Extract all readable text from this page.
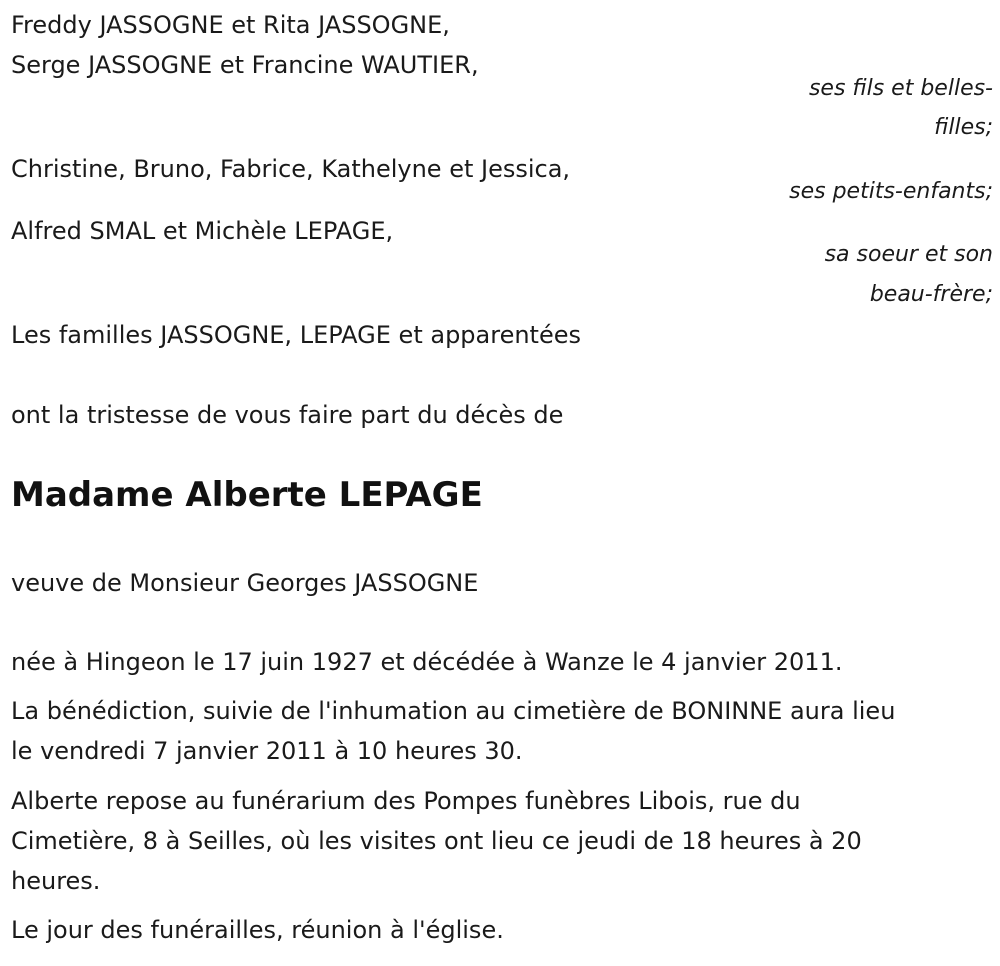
Freddy JASSOGNE et Rita JASSOGNE,
Serge JASSOGNE et Francine WAUTIER,
ses fils et belles-
filles;
Christine, Bruno, Fabrice, Kathelyne et Jessica,
ses petits-enfants;
Alfred SMAL et Michèle LEPAGE,
sa soeur et son
beau-frère;
Les familles JASSOGNE, LEPAGE et apparentées
ont la tristesse de vous faire part du décès de
Madame Alberte LEPAGE
veuve de Monsieur Georges JASSOGNE
née à Hingeon le 17 juin 1927 et décédée à Wanze le 4 janvier 2011.
La bénédiction, suivie de l'inhumation au cimetière de BONINNE aura lieu
le vendredi 7 janvier 2011 à 10 heures 30.
Alberte repose au funérarium des Pompes funèbres Libois, rue du
Cimetière, 8 à Seilles, où les visites ont lieu ce jeudi de 18 heures à 20
heures.
Le jour des funérailles, réunion à l'église.
